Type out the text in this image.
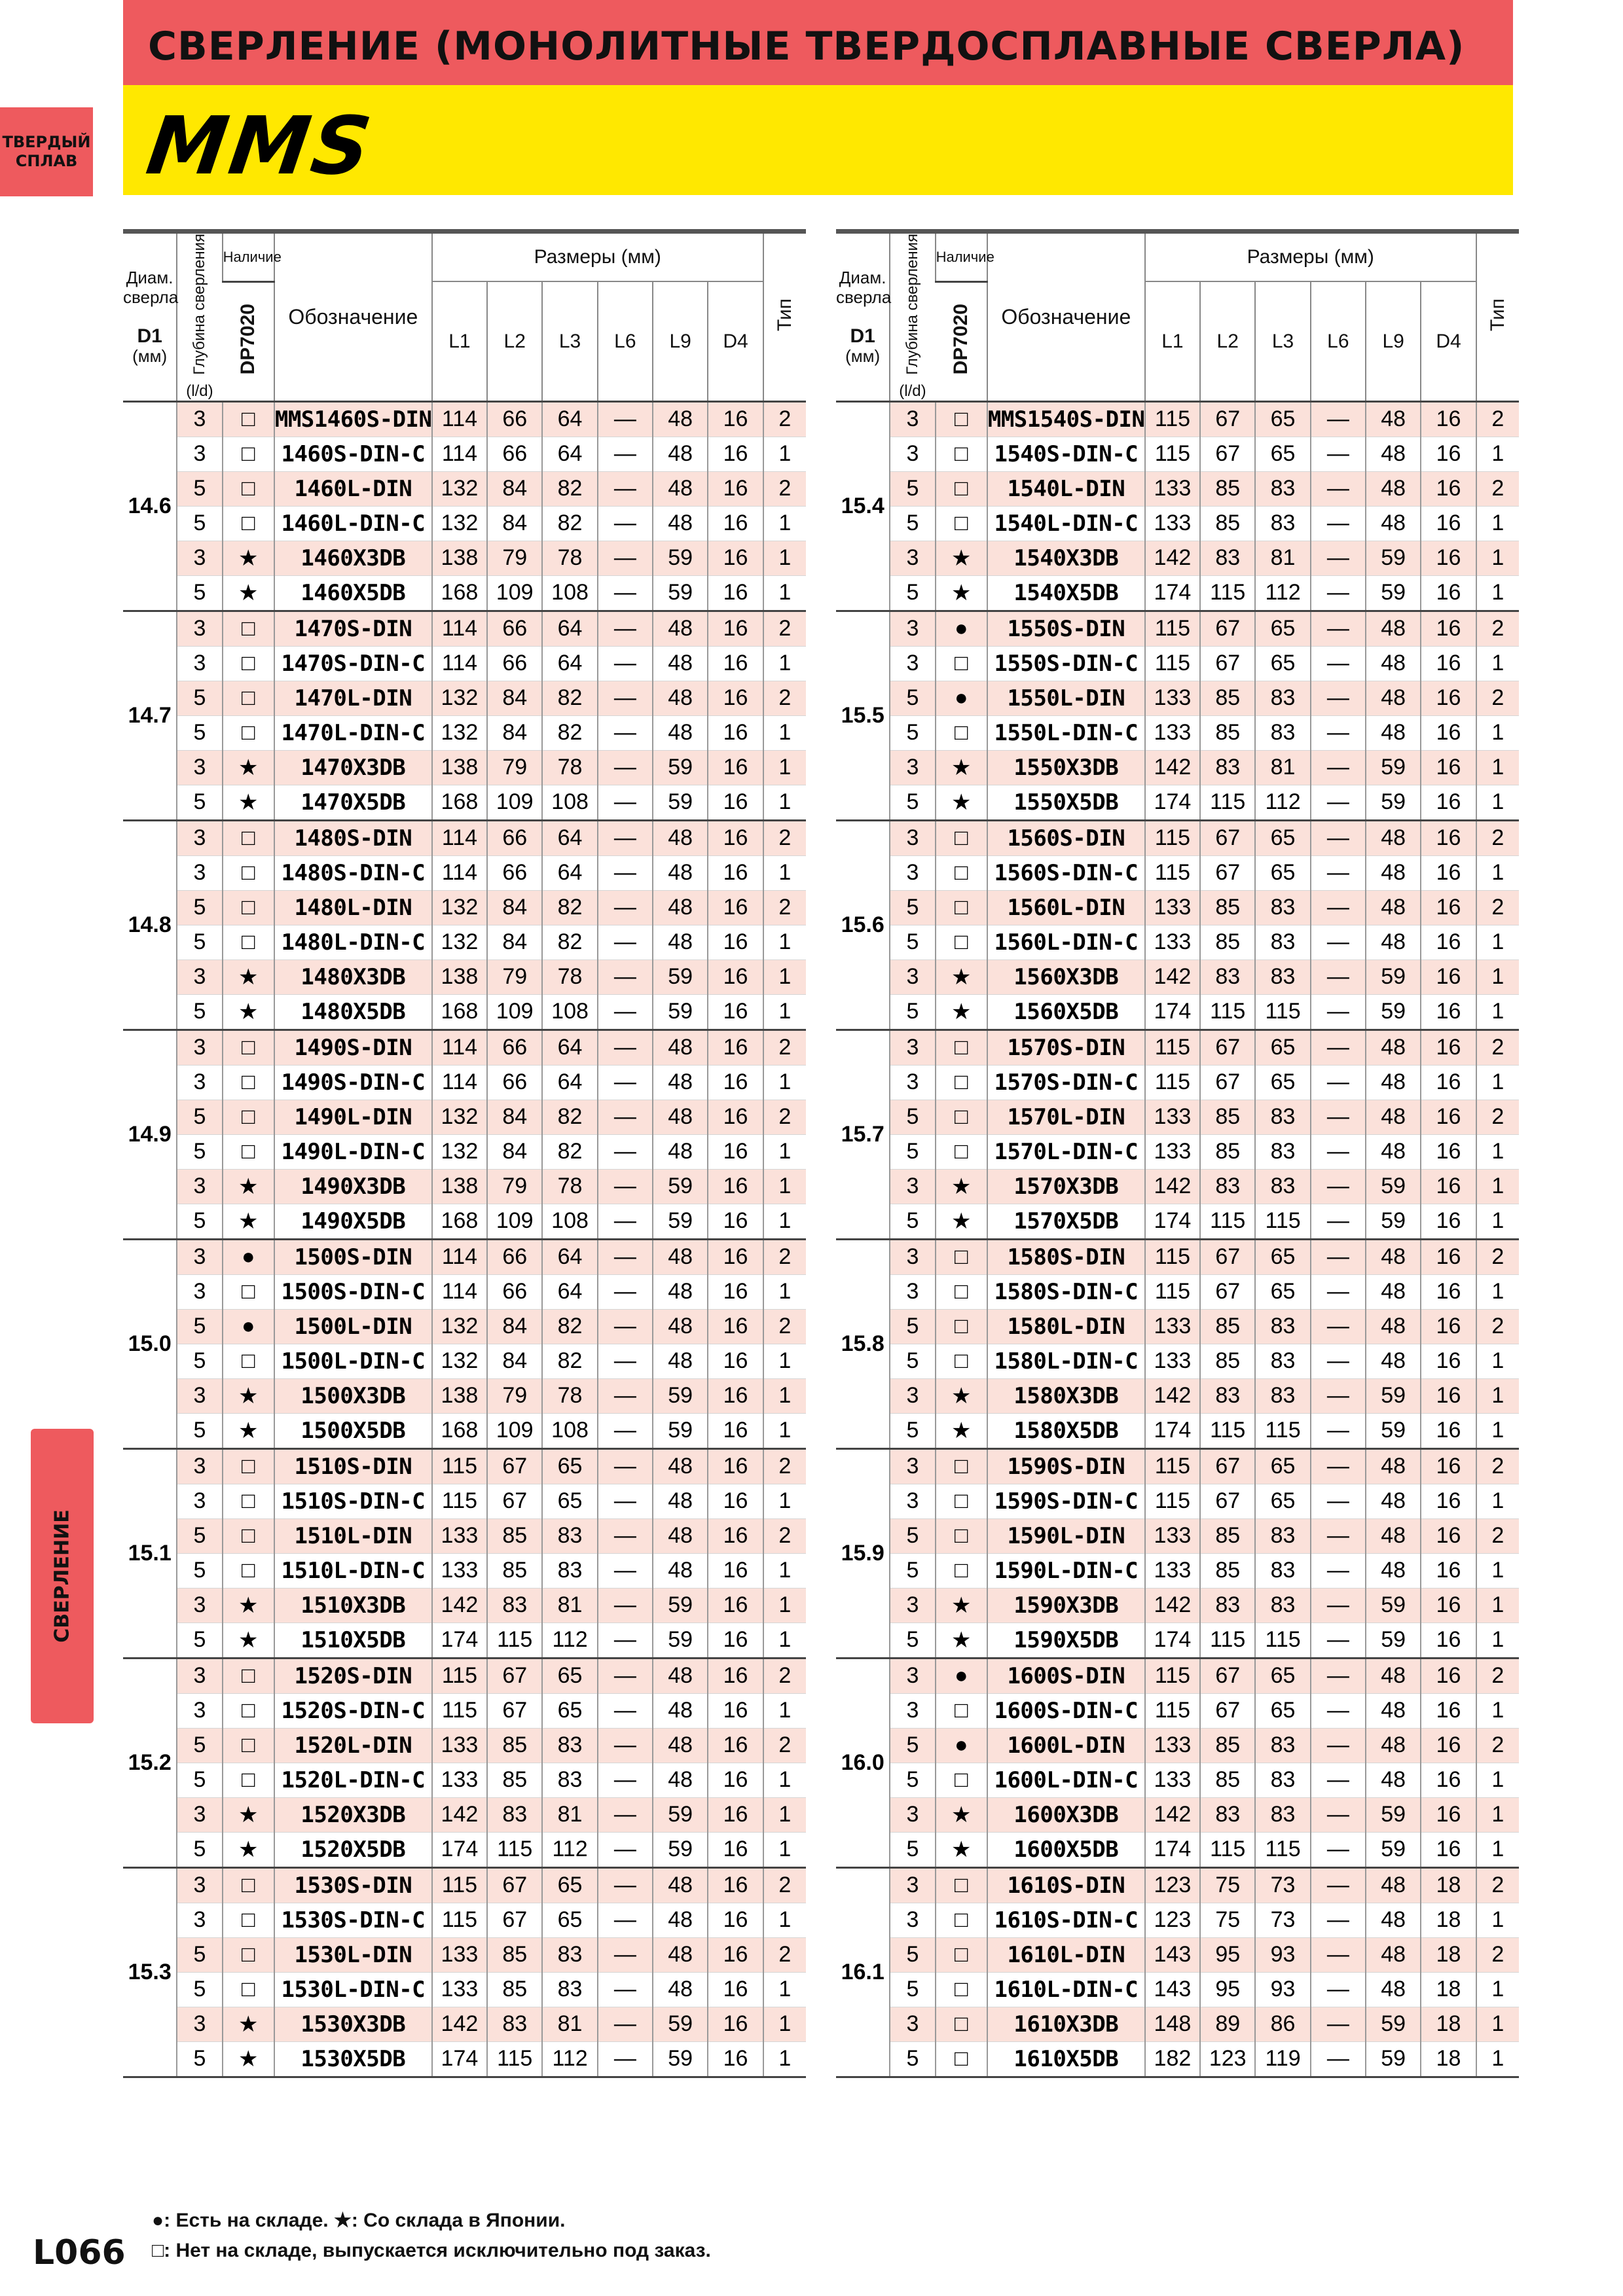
СВЕРЛЕНИЕ (МОНОЛИТНЫЕ ТВЕРДОСПЛАВНЫЕ СВЕРЛА)
MMS
ТВЕРДЫЙ СПЛАВ
СВЕРЛЕНИЕ
Диам.
сверла

D1
(мм)	Глубина сверления
(l/d)	Наличие	Обозначение	Размеры (мм)						Тип
		DP7020		L1	L2	L3	L6	L9	D4	
14.6	3	□	MMS1460S-DIN	114	66	64	—	48	16	2
	3	□	1460S-DIN-C	114	66	64	—	48	16	1
	5	□	1460L-DIN	132	84	82	—	48	16	2
	5	□	1460L-DIN-C	132	84	82	—	48	16	1
	3	★	1460X3DB	138	79	78	—	59	16	1
	5	★	1460X5DB	168	109	108	—	59	16	1
14.7	3	□	1470S-DIN	114	66	64	—	48	16	2
	3	□	1470S-DIN-C	114	66	64	—	48	16	1
	5	□	1470L-DIN	132	84	82	—	48	16	2
	5	□	1470L-DIN-C	132	84	82	—	48	16	1
	3	★	1470X3DB	138	79	78	—	59	16	1
	5	★	1470X5DB	168	109	108	—	59	16	1
14.8	3	□	1480S-DIN	114	66	64	—	48	16	2
	3	□	1480S-DIN-C	114	66	64	—	48	16	1
	5	□	1480L-DIN	132	84	82	—	48	16	2
	5	□	1480L-DIN-C	132	84	82	—	48	16	1
	3	★	1480X3DB	138	79	78	—	59	16	1
	5	★	1480X5DB	168	109	108	—	59	16	1
14.9	3	□	1490S-DIN	114	66	64	—	48	16	2
	3	□	1490S-DIN-C	114	66	64	—	48	16	1
	5	□	1490L-DIN	132	84	82	—	48	16	2
	5	□	1490L-DIN-C	132	84	82	—	48	16	1
	3	★	1490X3DB	138	79	78	—	59	16	1
	5	★	1490X5DB	168	109	108	—	59	16	1
15.0	3	●	1500S-DIN	114	66	64	—	48	16	2
	3	□	1500S-DIN-C	114	66	64	—	48	16	1
	5	●	1500L-DIN	132	84	82	—	48	16	2
	5	□	1500L-DIN-C	132	84	82	—	48	16	1
	3	★	1500X3DB	138	79	78	—	59	16	1
	5	★	1500X5DB	168	109	108	—	59	16	1
15.1	3	□	1510S-DIN	115	67	65	—	48	16	2
	3	□	1510S-DIN-C	115	67	65	—	48	16	1
	5	□	1510L-DIN	133	85	83	—	48	16	2
	5	□	1510L-DIN-C	133	85	83	—	48	16	1
	3	★	1510X3DB	142	83	81	—	59	16	1
	5	★	1510X5DB	174	115	112	—	59	16	1
15.2	3	□	1520S-DIN	115	67	65	—	48	16	2
	3	□	1520S-DIN-C	115	67	65	—	48	16	1
	5	□	1520L-DIN	133	85	83	—	48	16	2
	5	□	1520L-DIN-C	133	85	83	—	48	16	1
	3	★	1520X3DB	142	83	81	—	59	16	1
	5	★	1520X5DB	174	115	112	—	59	16	1
15.3	3	□	1530S-DIN	115	67	65	—	48	16	2
	3	□	1530S-DIN-C	115	67	65	—	48	16	1
	5	□	1530L-DIN	133	85	83	—	48	16	2
	5	□	1530L-DIN-C	133	85	83	—	48	16	1
	3	★	1530X3DB	142	83	81	—	59	16	1
	5	★	1530X5DB	174	115	112	—	59	16	1
Диам.
сверла

D1
(мм)	Глубина сверления
(l/d)	Наличие	Обозначение	Размеры (мм)						Тип
		DP7020		L1	L2	L3	L6	L9	D4	
15.4	3	□	MMS1540S-DIN	115	67	65	—	48	16	2
	3	□	1540S-DIN-C	115	67	65	—	48	16	1
	5	□	1540L-DIN	133	85	83	—	48	16	2
	5	□	1540L-DIN-C	133	85	83	—	48	16	1
	3	★	1540X3DB	142	83	81	—	59	16	1
	5	★	1540X5DB	174	115	112	—	59	16	1
15.5	3	●	1550S-DIN	115	67	65	—	48	16	2
	3	□	1550S-DIN-C	115	67	65	—	48	16	1
	5	●	1550L-DIN	133	85	83	—	48	16	2
	5	□	1550L-DIN-C	133	85	83	—	48	16	1
	3	★	1550X3DB	142	83	81	—	59	16	1
	5	★	1550X5DB	174	115	112	—	59	16	1
15.6	3	□	1560S-DIN	115	67	65	—	48	16	2
	3	□	1560S-DIN-C	115	67	65	—	48	16	1
	5	□	1560L-DIN	133	85	83	—	48	16	2
	5	□	1560L-DIN-C	133	85	83	—	48	16	1
	3	★	1560X3DB	142	83	83	—	59	16	1
	5	★	1560X5DB	174	115	115	—	59	16	1
15.7	3	□	1570S-DIN	115	67	65	—	48	16	2
	3	□	1570S-DIN-C	115	67	65	—	48	16	1
	5	□	1570L-DIN	133	85	83	—	48	16	2
	5	□	1570L-DIN-C	133	85	83	—	48	16	1
	3	★	1570X3DB	142	83	83	—	59	16	1
	5	★	1570X5DB	174	115	115	—	59	16	1
15.8	3	□	1580S-DIN	115	67	65	—	48	16	2
	3	□	1580S-DIN-C	115	67	65	—	48	16	1
	5	□	1580L-DIN	133	85	83	—	48	16	2
	5	□	1580L-DIN-C	133	85	83	—	48	16	1
	3	★	1580X3DB	142	83	83	—	59	16	1
	5	★	1580X5DB	174	115	115	—	59	16	1
15.9	3	□	1590S-DIN	115	67	65	—	48	16	2
	3	□	1590S-DIN-C	115	67	65	—	48	16	1
	5	□	1590L-DIN	133	85	83	—	48	16	2
	5	□	1590L-DIN-C	133	85	83	—	48	16	1
	3	★	1590X3DB	142	83	83	—	59	16	1
	5	★	1590X5DB	174	115	115	—	59	16	1
16.0	3	●	1600S-DIN	115	67	65	—	48	16	2
	3	□	1600S-DIN-C	115	67	65	—	48	16	1
	5	●	1600L-DIN	133	85	83	—	48	16	2
	5	□	1600L-DIN-C	133	85	83	—	48	16	1
	3	★	1600X3DB	142	83	83	—	59	16	1
	5	★	1600X5DB	174	115	115	—	59	16	1
16.1	3	□	1610S-DIN	123	75	73	—	48	18	2
	3	□	1610S-DIN-C	123	75	73	—	48	18	1
	5	□	1610L-DIN	143	95	93	—	48	18	2
	5	□	1610L-DIN-C	143	95	93	—	48	18	1
	3	□	1610X3DB	148	89	86	—	59	18	1
	5	□	1610X5DB	182	123	119	—	59	18	1
●: Есть на складе. ★: Со склада в Японии.
□: Нет на складе, выпускается исключительно под заказ.
L066
